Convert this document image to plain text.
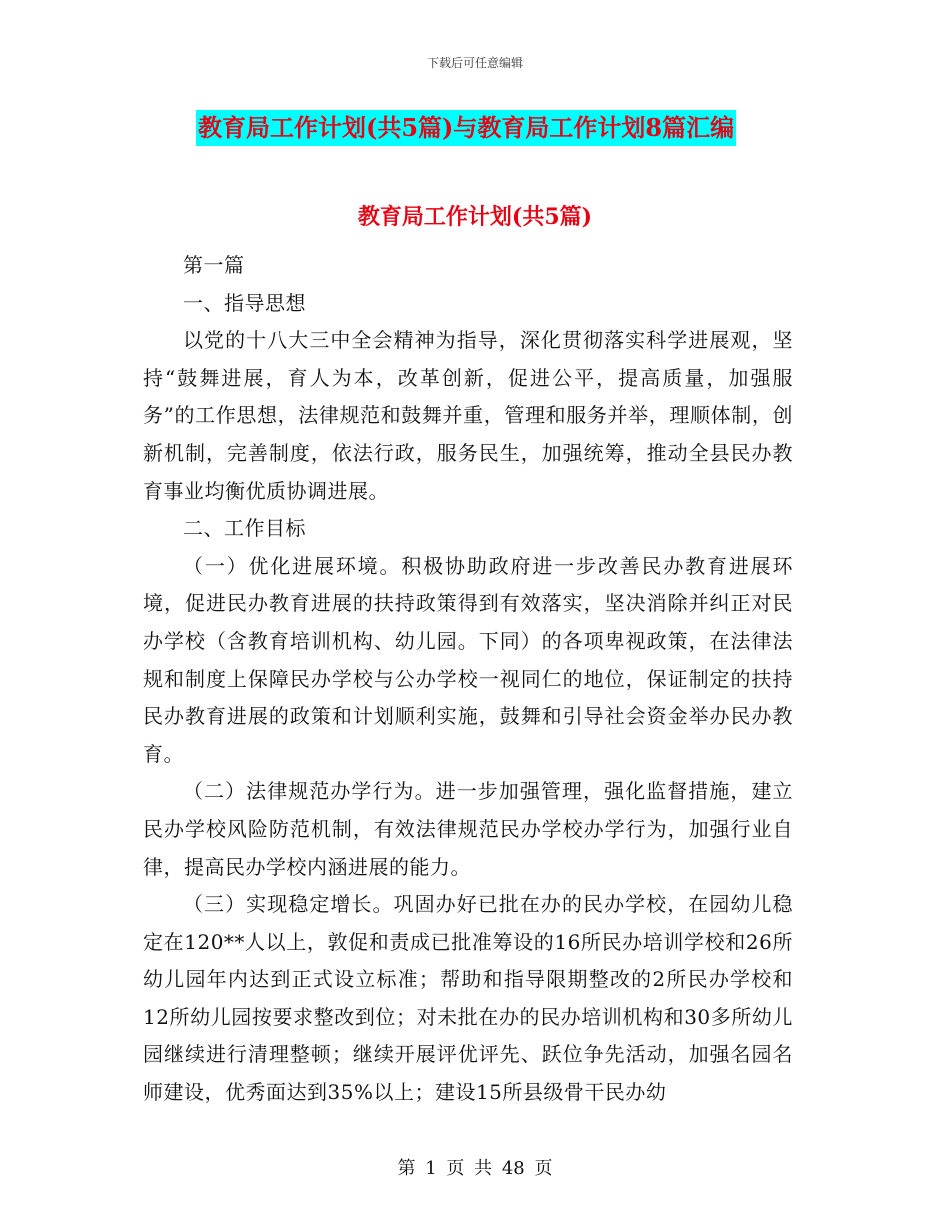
下载后可任意编辑
教育局工作计划(共5篇)与教育局工作计划8篇汇编
教育局工作计划(共5篇)

第一篇

一、指导思想

以党的十八大三中全会精神为指导，深化贯彻落实科学进展观，坚持“鼓舞进展，育人为本，改革创新，促进公平，提高质量，加强服务”的工作思想，法律规范和鼓舞并重，管理和服务并举，理顺体制，创新机制，完善制度，依法行政，服务民生，加强统筹，推动全县民办教育事业均衡优质协调进展。

二、工作目标

（一）优化进展环境。积极协助政府进一步改善民办教育进展环境，促进民办教育进展的扶持政策得到有效落实，坚决消除并纠正对民办学校（含教育培训机构、幼儿园。下同）的各项卑视政策，在法律法规和制度上保障民办学校与公办学校一视同仁的地位，保证制定的扶持民办教育进展的政策和计划顺利实施，鼓舞和引导社会资金举办民办教育。

（二）法律规范办学行为。进一步加强管理，强化监督措施，建立民办学校风险防范机制，有效法律规范民办学校办学行为，加强行业自律，提高民办学校内涵进展的能力。

（三）实现稳定增长。巩固办好已批在办的民办学校，在园幼儿稳定在120**人以上，敦促和责成已批准筹设的16所民办培训学校和26所幼儿园年内达到正式设立标准；帮助和指导限期整改的2所民办学校和12所幼儿园按要求整改到位；对未批在办的民办培训机构和30多所幼儿园继续进行清理整顿；继续开展评优评先、跃位争先活动，加强名园名师建设，优秀面达到35%以上；建设15所县级骨干民办幼

第 1 页 共 48 页
